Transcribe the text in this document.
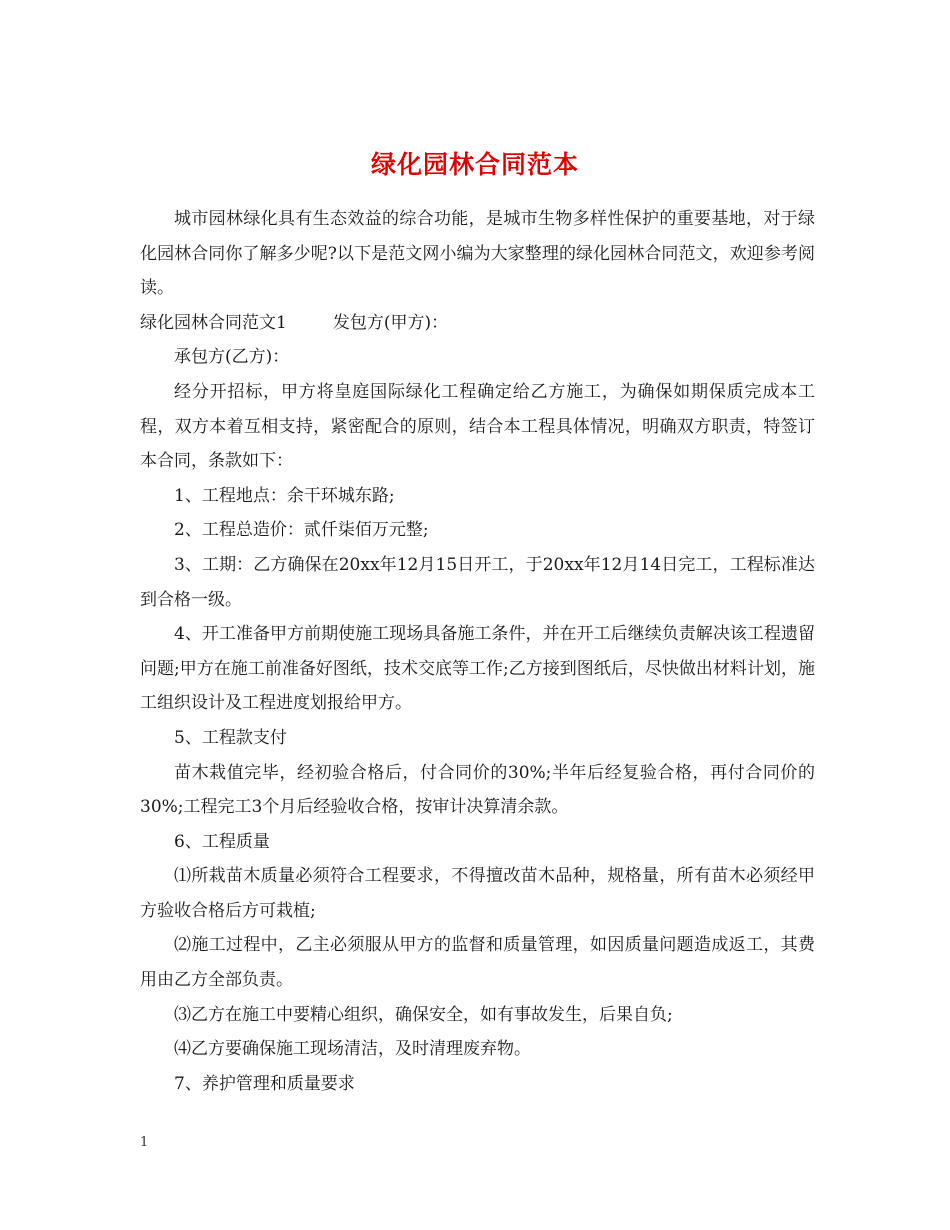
绿化园林合同范本

城市园林绿化具有生态效益的综合功能，是城市生物多样性保护的重要基地，对于绿化园林合同你了解多少呢?以下是范文网小编为大家整理的绿化园林合同范文，欢迎参考阅读。

绿化园林合同范文1	发包方(甲方)：

承包方(乙方)：

经分开招标，甲方将皇庭国际绿化工程确定给乙方施工，为确保如期保质完成本工程，双方本着互相支持，紧密配合的原则，结合本工程具体情况，明确双方职责，特签订本合同，条款如下：

1、工程地点：余干环城东路;

2、工程总造价：贰仟柒佰万元整;

3、工期：乙方确保在20xx年12月15日开工，于20xx年12月14日完工，工程标准达到合格一级。

4、开工准备甲方前期使施工现场具备施工条件，并在开工后继续负责解决该工程遗留问题;甲方在施工前准备好图纸，技术交底等工作;乙方接到图纸后，尽快做出材料计划，施工组织设计及工程进度划报给甲方。

5、工程款支付

苗木栽值完毕，经初验合格后，付合同价的30%;半年后经复验合格，再付合同价的30%;工程完工3个月后经验收合格，按审计决算清余款。

6、工程质量

⑴所栽苗木质量必须符合工程要求，不得擅改苗木品种，规格量，所有苗木必须经甲方验收合格后方可栽植;

⑵施工过程中，乙主必须服从甲方的监督和质量管理，如因质量问题造成返工，其费用由乙方全部负责。

⑶乙方在施工中要精心组织，确保安全，如有事故发生，后果自负;

⑷乙方要确保施工现场清洁，及时清理废弃物。

7、养护管理和质量要求

1
